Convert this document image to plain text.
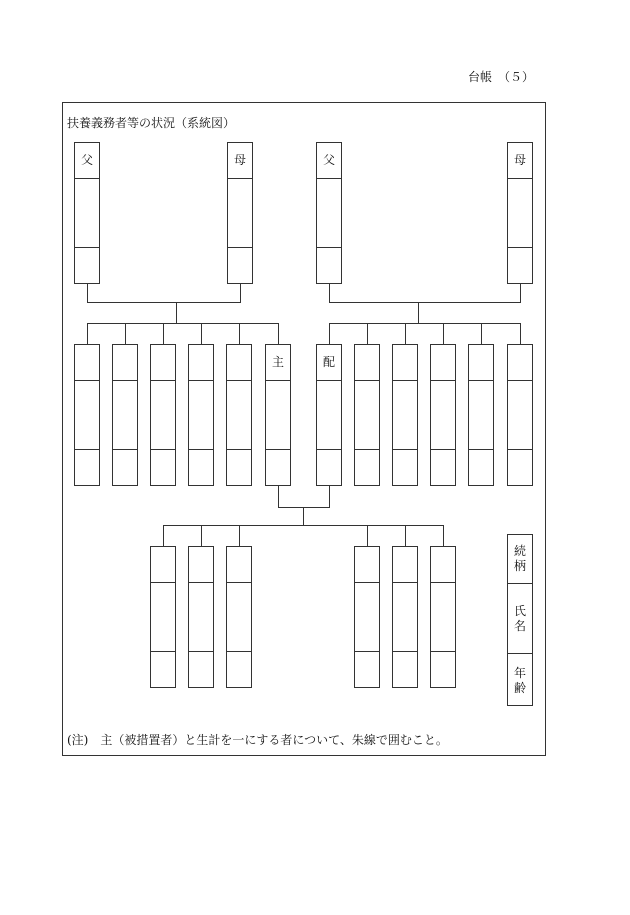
台帳　（５）
扶養義務者等の状況（系統図）
父	母	父	母
主	配
続
柄
氏
名
年
齢
(注)　主（被措置者）と生計を一にする者について、朱線で囲むこと。
